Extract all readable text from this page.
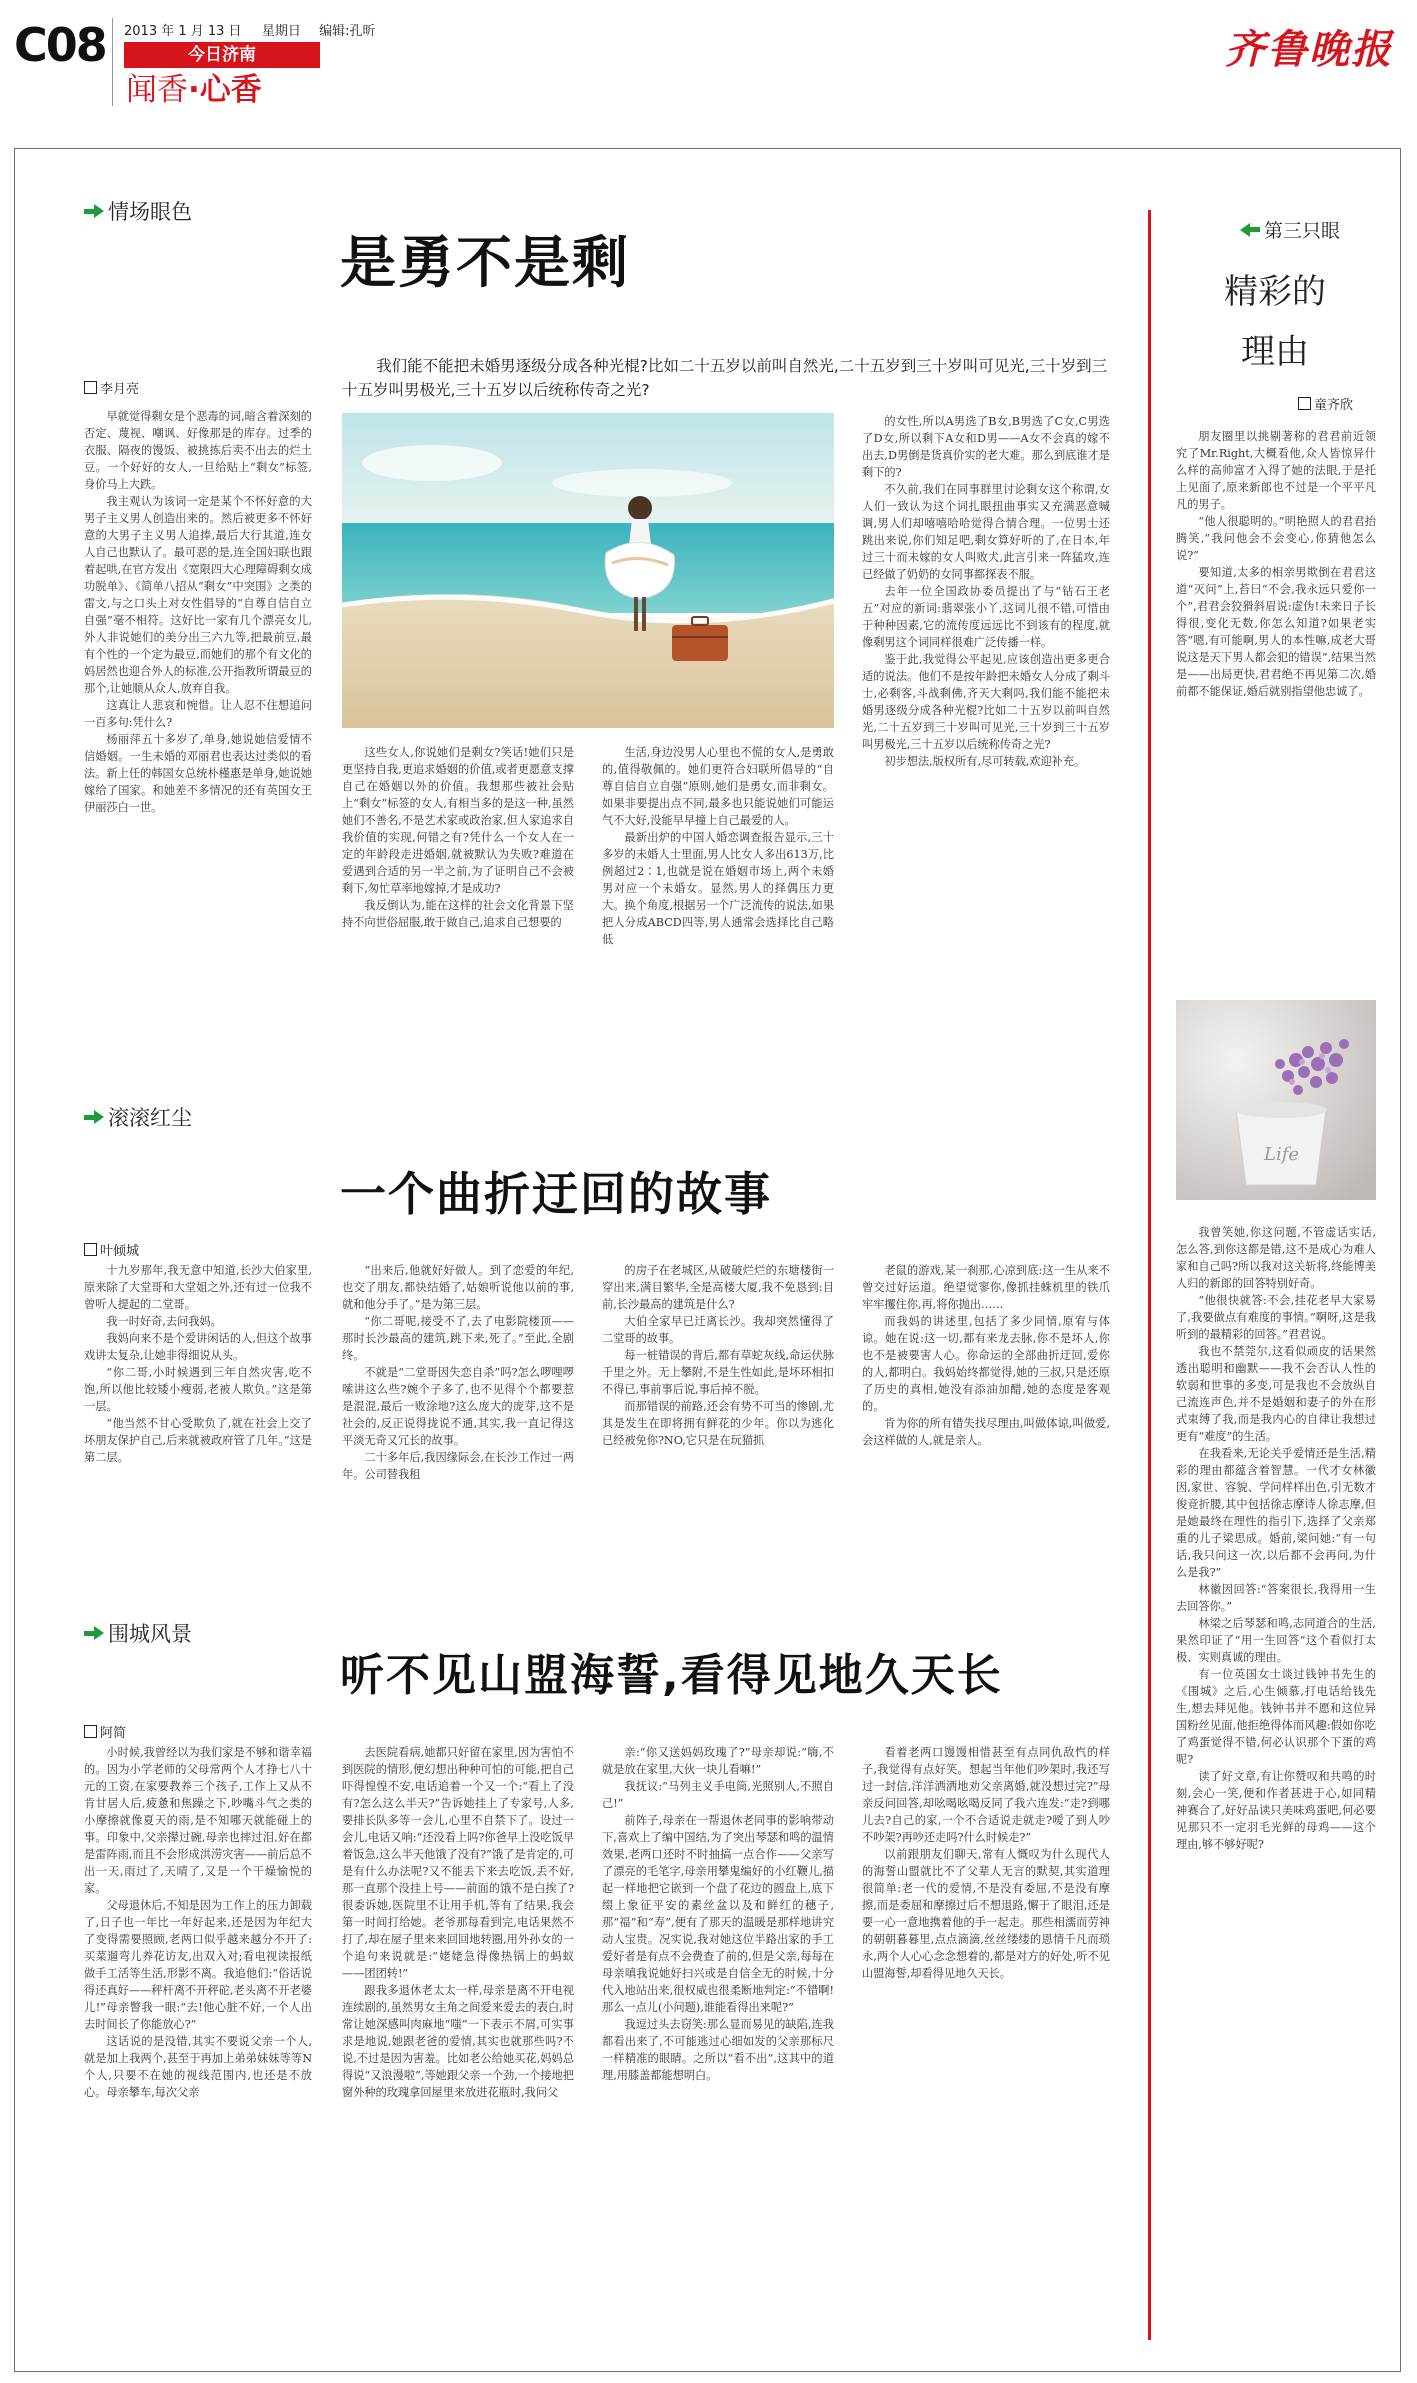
C08 2013 年 1 月 13 日 星期日 编辑:孔昕
今日济南
闻香·心香
齐鲁晚报
情场眼色
是勇不是剩
李月亮
我们能不能把未婚男逐级分成各种光棍?比如二十五岁以前叫自然光,二十五岁到三十岁叫可见光,三十岁到三十五岁叫男极光,三十五岁以后统称传奇之光?

早就觉得剩女是个恶毒的词,暗含着深刻的否定、蔑视、嘲讽、好像那是的库存。过季的衣服、隔夜的馒饭、被挑拣后卖不出去的烂土豆。一个好好的女人,一旦给贴上“剩女”标签,身价马上大跌。

我主观认为该词一定是某个不怀好意的大男子主义男人创造出来的。然后被更多不怀好意的大男子主义男人追捧,最后大行其道,连女人自己也默认了。最可恶的是,连全国妇联也跟着起哄,在官方发出《宽限四大心理障碍剩女成功脱单》、《简单八招从“剩女”中突围》之类的雷文,与之口头上对女性倡导的“自尊自信自立自强”毫不相符。这好比一家有几个漂亮女儿,外人非说她们的美分出三六九等,把最前豆,最有个性的一个定为最豆,而她们的那个有文化的妈居然也迎合外人的标准,公开指教所谓最豆的那个,让她顺从众人,放弃自我。

这真让人悲哀和惋惜。让人忍不住想追问一百多句:凭什么?

杨丽萍五十多岁了,单身,她说她信爱情不信婚姻。一生未婚的邓丽君也表达过类似的看法。新上任的韩国女总统朴槿惠是单身,她说她嫁给了国家。和她差不多情况的还有英国女王伊丽莎白一世。

这些女人,你说她们是剩女?笑话!她们只是更坚持自我,更追求婚姻的价值,或者更愿意支撑自己在婚姻以外的价值。我想那些被社会贴上“剩女”标签的女人,有相当多的是这一种,虽然她们不善名,不是艺术家或政治家,但人家追求自我价值的实现,何错之有?凭什么一个女人在一定的年龄段走进婚姻,就被默认为失败?难道在爱遇到合适的另一半之前,为了证明自己不会被剩下,匆忙草率地嫁掉,才是成功?

我反倒认为,能在这样的社会文化背景下坚持不向世俗屈服,敢于做自己,追求自己想要的

生活,身边没男人心里也不慌的女人,是勇敢的,值得敬佩的。她们更符合妇联所倡导的“自尊自信自立自强”原则,她们是勇女,而非剩女。如果非要提出点不同,最多也只能说她们可能运气不大好,没能早早撞上自己最爱的人。

最新出炉的中国人婚恋调查报告显示,三十多岁的未婚人士里面,男人比女人多出613万,比例超过2∶1,也就是说在婚姻市场上,两个未婚男对应一个未婚女。显然,男人的择偶压力更大。换个角度,根据另一个广泛流传的说法,如果把人分成ABCD四等,男人通常会选择比自己略低

的女性,所以A男选了B女,B男选了C女,C男选了D女,所以剩下A女和D男——A女不会真的嫁不出去,D男倒是货真价实的老大难。那么到底谁才是剩下的?

不久前,我们在同事群里讨论剩女这个称谓,女人们一致认为这个词扎眼扭曲事实又充满恶意喊调,男人们却嘻嘻哈哈觉得合情合理。一位男士还跳出来说,你们知足吧,剩女算好听的了,在日本,年过三十而未嫁的女人叫败犬,此言引来一阵猛攻,连已经做了奶奶的女同事都探表不服。

去年一位全国政协委员提出了与“钻石王老五”对应的新词:翡翠张小丫,这词儿很不错,可惜由于种种因素,它的流传度远远比不到该有的程度,就像剩男这个词同样很难广泛传播一样。

鉴于此,我觉得公平起见,应该创造出更多更合适的说法。他们不是按年龄把未婚女人分成了剩斗士,必剩客,斗战剩佛,齐天大剩吗,我们能不能把未婚男逐级分成各种光棍?比如二十五岁以前叫自然光,二十五岁到三十岁叫可见光,三十岁到三十五岁叫男极光,三十五岁以后统称传奇之光?

初步想法,版权所有,尽可转载,欢迎补充。

滚滚红尘
一个曲折迂回的故事
叶倾城

十九岁那年,我无意中知道,长沙大伯家里,原来除了大堂哥和大堂姐之外,还有过一位我不曾听人提起的二堂哥。

我一时好奇,去问我妈。

我妈向来不是个爱讲闲话的人,但这个故事戏讲太复杂,让她非得细说从头。

“你二哥,小时候遇到三年自然灾害,吃不饱,所以他比较矮小瘦弱,老被人欺负。”这是第一层。

“他当然不甘心受欺负了,就在社会上交了坏朋友保护自己,后来就被政府管了几年。”这是第二层。

“出来后,他就好好做人。到了恋爱的年纪,也交了朋友,都快结婚了,姑娘听说他以前的事,就和他分手了。”是为第三层。

“你二哥呢,接受不了,去了电影院楼顶——那时长沙最高的建筑,跳下来,死了。”至此,全剧终。

不就是“二堂哥因失恋自杀”吗?怎么啰哩啰嗦讲这么些?婉个子多了,也不见得个个都要惹是混混,最后一败涂地?这么庞大的庞芽,这不是社会的,反正说得拢说不通,其实,我一直记得这平淡无奇又冗长的故事。

二十多年后,我因缘际会,在长沙工作过一两年。公司替我租

的房子在老城区,从破破烂烂的东塘楼街一穿出来,满目繁华,全是高楼大厦,我不免恳到:目前,长沙最高的建筑是什么?

大伯全家早已迁离长沙。我却突然懂得了二堂哥的故事。

每一桩错误的背后,都有草蛇灰线,命运伏脉千里之外。无上攀附,不是生性如此,是坏环相扣不得已,事前事后说,事后掉不脱。

而那错误的前路,还会有势不可当的惨剧,尤其是发生在即将拥有鲜花的少年。你以为逃化已经被免你?NO,它只是在玩猫抓

老鼠的游戏,某一刹那,心凉到底:这一生从来不曾交过好运道。绝望觉寥你,像抓挂蛛机里的铁爪牢牢攫住你,再,将你抛出……

而我妈的讲述里,包括了多少同情,原宥与体谅。她在说:这一切,都有来龙去脉,你不是坏人,你也不是被要害人心。你命运的全部曲折迂回,爱你的人,都明白。我妈始终都觉得,她的三叔,只是还原了历史的真相,她没有添油加醋,她的态度是客观的。

肯为你的所有错失找尽理由,叫做体谅,叫做爱,会这样做的人,就是亲人。

围城风景
听不见山盟海誓,看得见地久天长
阿简

小时候,我曾经以为我们家是不够和谐幸福的。因为小学老师的父母常两个人才挣七八十元的工资,在家要教养三个孩子,工作上又从不肯甘居人后,疲惫和焦躁之下,吵嘴斗气之类的小摩擦就像夏天的雨,是不知哪天就能碰上的事。印象中,父亲撵过碗,母亲也摔过泪,好在都是雷阵雨,而且不会形成洪涝灾害——前后总不出一天,雨过了,天晴了,又是一个干燥愉悦的家。

父母退休后,不知是因为工作上的压力卸载了,日子也一年比一年好起来,还是因为年纪大了变得需要照顾,老两口似乎越来越分不开了:买菜遛弯儿养花访友,出双入对;看电视读报纸做手工活等生活,形影不离。我追他们:“俗话说得还真好——秤杆离不开秤砣,老头离不开老婆儿!”母亲瞥我一眼:“去!他心脏不好,一个人出去时间长了你能放心?”

这话说的是没错,其实不要说父亲一个人,就是加上我两个,甚至于再加上弟弟妹妹等等N个人,只要不在她的视线范围内,也还是不放心。母亲攀车,每次父亲

去医院看病,她都只好留在家里,因为害怕不到医院的情形,便幻想出种种可怕的可能,把自己吓得惶惶不安,电话追着一个又一个:“看上了没有?怎么这么半天?”告诉她挂上了专家号,人多,要排长队多等一会儿,心里不自禁下了。设过一会儿,电话又响:“还没看上吗?你爸早上没吃饭早着饭急,这么半天他饿了没有?”饿了是肯定的,可是有什么办法呢?又不能丢下来去吃饭,丢不好,那一直那个没挂上号——前面的饿不是白挨了?很委诉她,医院里不让用手机,等有了结果,我会第一时间打给她。老爷那每看到完,电话果然不打了,却在屋子里来来回回地转圈,用外孙女的一个追句来说就是:“姥姥急得像热锅上的蚂蚁——团团转!”

跟我多退休老太太一样,母亲是离不开电视连续剧的,虽然男女主角之间爱来爱去的表白,时常让她深感叫肉麻地“嗤”一下表示不屑,可实事求是地说,她跟老爸的爱情,其实也就那些吗?不说,不过是因为害羞。比如老公给她买花,妈妈总得说“又浪漫啦”,等她跟父亲一个劲,一个接地把窗外种的玫瑰拿回屋里来放进花瓶时,我问父

亲:“你又送妈妈玫瑰了?”母亲却说:“嗨,不就是放在家里,大伙一块儿看嘛!”

我抚议:“马列主义手电筒,光照别人,不照自己!”

前阵子,母亲在一帮退休老同事的影响带动下,喜欢上了编中国结,为了突出琴瑟和鸣的温情效果,老两口还时不时抽搞一点合作——父亲写了漂亮的毛笔字,母亲用攀鬼编好的小红鞭儿,描起一样地把它嵌到一个盘了花边的圆盘上,底下缀上象征平安的素丝盆以及和鲜红的穗子,那“福”和“寿”,便有了那天的温暖是那样地讲究动人宝贵。况实说,我对她这位半路出家的手工爱好者是有点不会费查了前的,但是父亲,每每在母亲嗔我说她好扫兴或是自信全无的时候,十分代入地站出来,很权威也很柔断地判定:“不错啊!那么一点儿(小问题),谁能看得出来呢?”

我逗过头去窃笑:那么显而易见的缺陷,连我都看出来了,不可能逃过心细如发的父亲那标尺一样精准的眼睛。之所以“看不出”,这其中的道理,用膝盖都能想明白。

看着老两口馒馒相惜甚至有点同仇敌忾的样子,我觉得有点好笑。想起当年他们吵架时,我还写过一封信,洋洋洒洒地劝父亲离婚,就没想过完?”母亲反问回答,却吆喝吆喝反同了我六连发:“走?到哪儿去?自己的家,一个不合适说走就走?嗳了到人吵不吵架?再吵还走吗?什么时候走?”

以前跟朋友们聊天,常有人慨叹为什么现代人的海誓山盟就比不了父辈人无言的默契,其实道理很简单:老一代的爱情,不是没有委屈,不是没有摩擦,而是委屈和摩擦过后不想退路,懈于了眼泪,还是要一心一意地携着他的手一起走。那些相濡而劳神的朝朝暮暮里,点点滴滴,丝丝缕缕的恩情千凡而琐永,两个人心心念念想着的,都是对方的好处,听不见山盟海誓,却看得见地久天长。

第三只眼
精彩的
理由
童齐欣

朋友圈里以挑剔著称的君君前近领究了Mr.Right,大概看他,众人皆惊异什么样的高帅富才入得了她的法眼,于是托上见面了,原来新郎也不过是一个平平凡凡的男子。

“他人很聪明的。”明艳照人的君君抬腾笑,“我问他会不会变心,你猜他怎么说?”

要知道,太多的相亲男欺倒在君君这道“灭问”上,苔曰“不会,我永远只爱你一个”,君君会狡猾斜眉说:虚伪!未来日子长得很,变化无数,你怎么知道?如果老实答“嗯,有可能啊,男人的本性嘛,成老大哥说这是天下男人都会犯的错误”,结果当然是——出局更快,君君绝不再见第二次,婚前都不能保证,婚后就别指望他忠诚了。

Life

我曾笑她,你这问题,不管虚话实话,怎么答,到你这都是错,这不是成心为难人家和自己吗?所以我对这关斩将,终能博美人归的新郎的回答特别好奇。

“他很快就答:不会,挂花老早大家易了,我要做点有难度的事情。”啊呀,这是我听到的最精彩的回答。”君君说。

我也不禁莞尔,这看似顽皮的话果然透出聪明和幽默——我不会否认人性的软弱和世事的多变,可是我也不会放纵自己流连声色,并不是婚姻和妻子的外在形式束缚了我,而是我内心的自律让我想过更有“难度”的生活。

在我看来,无论关乎爱情还是生活,精彩的理由都蕴含着智慧。一代才女林徽因,家世、容貌、学问样样出色,引无数才俊竞折腰,其中包括徐志摩诗人徐志摩,但是她最终在理性的指引下,选择了父亲郑重的儿子梁思成。婚前,梁问她:“有一句话,我只问这一次,以后都不会再问,为什么是我?”

林徽因回答:“答案很长,我得用一生去回答你。”

林梁之后琴瑟和鸣,志同道合的生活,果然印证了“用一生回答”这个看似打太极、实则真诚的理由。

有一位英国女士谈过钱钟书先生的《围城》之后,心生倾慕,打电话给钱先生,想去拜见他。钱钟书并不愿和这位异国粉丝见面,他拒绝得体而风趣:假如你吃了鸡蛋觉得不错,何必认识那个下蛋的鸡呢?

读了好文章,有让你赞叹和共鸣的时刻,会心一笑,便和作者甚进于心,如同精神赛合了,好好品读只美味鸡蛋吧,何必要见那只不一定羽毛光鲜的母鸡——这个理由,够不够好呢?
